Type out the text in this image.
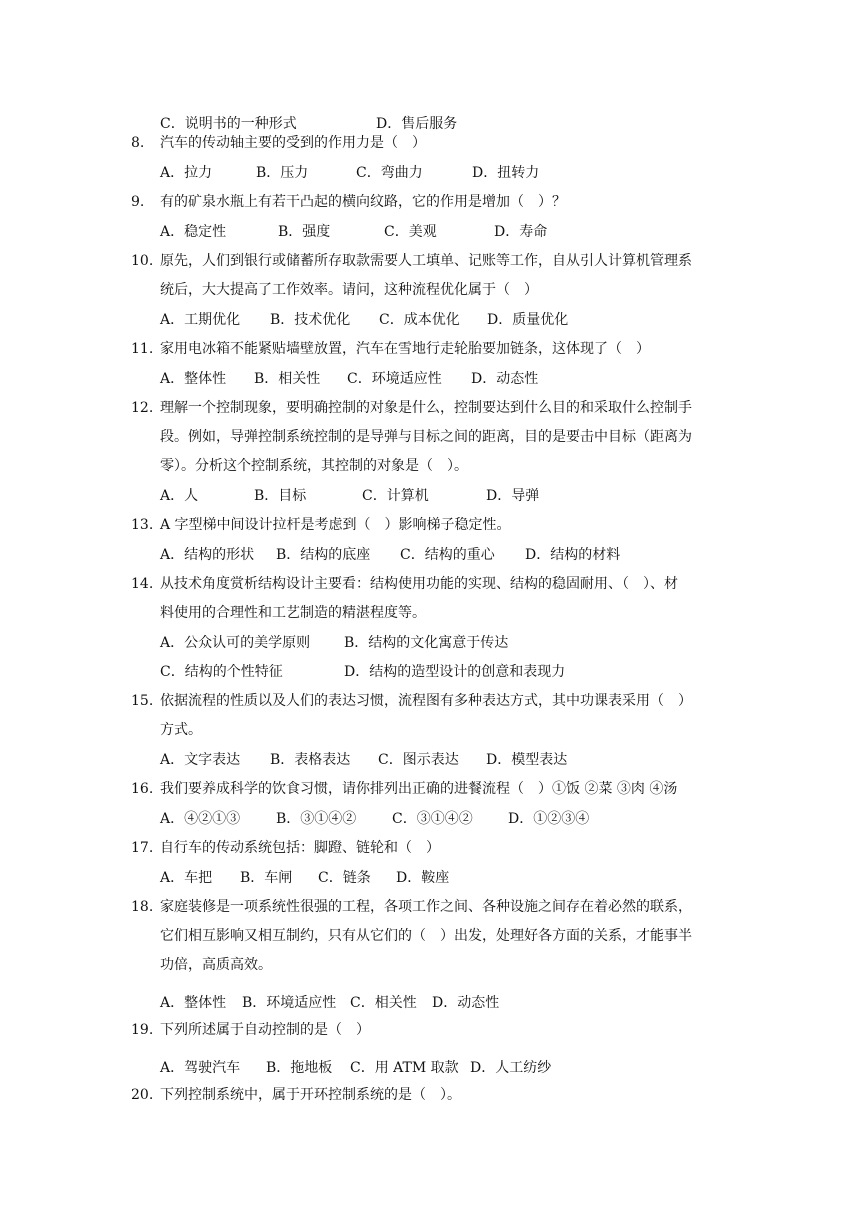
C．说明书的一种形式	D．售后服务
8.	汽车的传动轴主要的受到的作用力是（　）
A．拉力	B．压力	C．弯曲力	D．扭转力
9.	有的矿泉水瓶上有若干凸起的横向纹路，它的作用是增加（　）？
A．稳定性	B．强度	C．美观	D．寿命
10. 原先，人们到银行或储蓄所存取款需要人工填单、记账等工作，自从引人计算机管理系
统后，大大提高了工作效率。请问，这种流程优化属于（　）
A．工期优化 B．技术优化 C．成本优化 D．质量优化
11. 家用电冰箱不能紧贴墙壁放置，汽车在雪地行走轮胎要加链条，这体现了（　）
A．整体性 B．相关性 C．环境适应性 D．动态性
12. 理解一个控制现象，要明确控制的对象是什么，控制要达到什么目的和采取什么控制手
段。例如，导弹控制系统控制的是导弹与目标之间的距离，目的是要击中目标（距离为
零）。分析这个控制系统，其控制的对象是（　）。
A．人	B．目标	C．计算机	D．导弹
13. A 字型梯中间设计拉杆是考虑到（　）影响梯子稳定性。
A．结构的形状 B．结构的底座 C．结构的重心 D．结构的材料
14. 从技术角度赏析结构设计主要看：结构使用功能的实现、结构的稳固耐用、（　）、材
料使用的合理性和工艺制造的精湛程度等。
A．公众认可的美学原则 B．结构的文化寓意于传达
C．结构的个性特征	D．结构的造型设计的创意和表现力
15. 依据流程的性质以及人们的表达习惯，流程图有多种表达方式，其中功课表采用（　）
方式。
A．文字表达 B．表格表达 C．图示表达 D．模型表达
16. 我们要养成科学的饮食习惯，请你排列出正确的进餐流程（　）①饭 ②菜 ③肉 ④汤
A．④②①③	B．③①④②	C．③①④②	D．①②③④
17. 自行车的传动系统包括：脚蹬、链轮和（　）
A．车把 B．车闸 C．链条 D．鞍座
18. 家庭装修是一项系统性很强的工程，各项工作之间、各种设施之间存在着必然的联系，
它们相互影响又相互制约，只有从它们的（　）出发，处理好各方面的关系，才能事半
功倍，高质高效。
A．整体性 B．环境适应性 C．相关性 D．动态性
19. 下列所述属于自动控制的是（　）
A．驾驶汽车 B．拖地板 C．用 ATM 取款 D．人工纺纱
20. 下列控制系统中，属于开环控制系统的是（　）。
